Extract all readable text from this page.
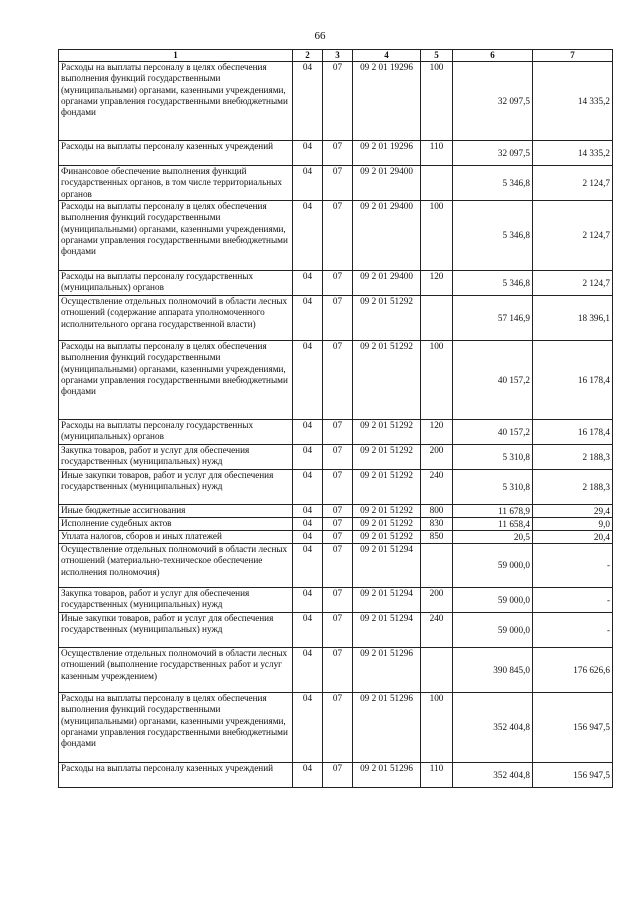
66
1	2	3	4	5	6	7
Расходы на выплаты персоналу в целях обеспечения выполнения функций государственными (муниципальными) органами, казенными учреждениями, органами управления государственными внебюджетными фондами	04	07	09 2 01 19296	100	32 097,5	14 335,2
Расходы на выплаты персоналу казенных учреждений	04	07	09 2 01 19296	110	32 097,5	14 335,2
Финансовое обеспечение выполнения функций государственных органов, в том числе территориальных органов	04	07	09 2 01 29400		5 346,8	2 124,7
Расходы на выплаты персоналу в целях обеспечения выполнения функций государственными (муниципальными) органами, казенными учреждениями, органами управления государственными внебюджетными фондами	04	07	09 2 01 29400	100	5 346,8	2 124,7
Расходы на выплаты персоналу государственных (муниципальных) органов	04	07	09 2 01 29400	120	5 346,8	2 124,7
Осуществление отдельных полномочий в области лесных отношений (содержание аппарата уполномоченного исполнительного органа государственной власти)	04	07	09 2 01 51292		57 146,9	18 396,1
Расходы на выплаты персоналу в целях обеспечения выполнения функций государственными (муниципальными) органами, казенными учреждениями, органами управления государственными внебюджетными фондами	04	07	09 2 01 51292	100	40 157,2	16 178,4
Расходы на выплаты персоналу государственных (муниципальных) органов	04	07	09 2 01 51292	120	40 157,2	16 178,4
Закупка товаров, работ и услуг для обеспечения государственных (муниципальных) нужд	04	07	09 2 01 51292	200	5 310,8	2 188,3
Иные закупки товаров, работ и услуг для обеспечения государственных (муниципальных) нужд	04	07	09 2 01 51292	240	5 310,8	2 188,3
Иные бюджетные ассигнования	04	07	09 2 01 51292	800	11 678,9	29,4
Исполнение судебных актов	04	07	09 2 01 51292	830	11 658,4	9,0
Уплата налогов, сборов и иных платежей	04	07	09 2 01 51292	850	20,5	20,4
Осуществление отдельных полномочий в области лесных отношений (материально-техническое обеспечение исполнения полномочия)	04	07	09 2 01 51294		59 000,0	-
Закупка товаров, работ и услуг для обеспечения государственных (муниципальных) нужд	04	07	09 2 01 51294	200	59 000,0	-
Иные закупки товаров, работ и услуг для обеспечения государственных (муниципальных) нужд	04	07	09 2 01 51294	240	59 000,0	-
Осуществление отдельных полномочий в области лесных отношений (выполнение государственных работ и услуг казенным учреждением)	04	07	09 2 01 51296		390 845,0	176 626,6
Расходы на выплаты персоналу в целях обеспечения выполнения функций государственными (муниципальными) органами, казенными учреждениями, органами управления государственными внебюджетными фондами	04	07	09 2 01 51296	100	352 404,8	156 947,5
Расходы на выплаты персоналу казенных учреждений	04	07	09 2 01 51296	110	352 404,8	156 947,5
